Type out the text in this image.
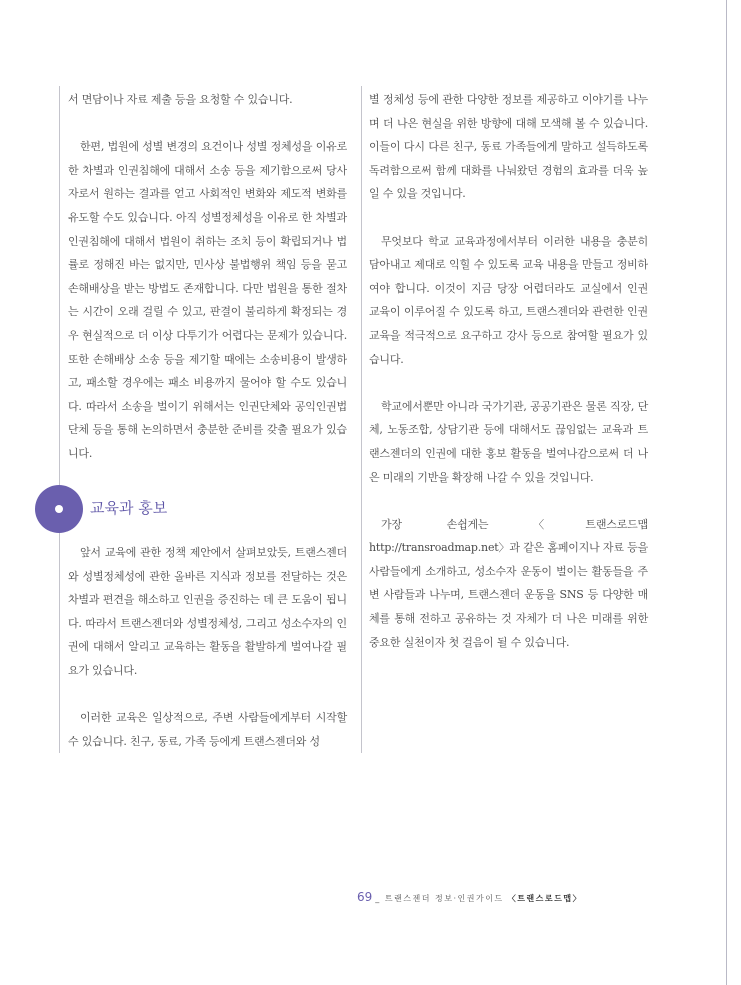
서 면담이나 자료 제출 등을 요청할 수 있습니다.

한편, 법원에 성별 변경의 요건이나 성별 정체성을 이유로 한 차별과 인권침해에 대해서 소송 등을 제기함으로써 당사자로서 원하는 결과를 얻고 사회적인 변화와 제도적 변화를 유도할 수도 있습니다. 아직 성별정체성을 이유로 한 차별과 인권침해에 대해서 법원이 취하는 조치 등이 확립되거나 법률로 정해진 바는 없지만, 민사상 불법행위 책임 등을 묻고 손해배상을 받는 방법도 존재합니다. 다만 법원을 통한 절차는 시간이 오래 걸릴 수 있고, 판결이 불리하게 확정되는 경우 현실적으로 더 이상 다투기가 어렵다는 문제가 있습니다. 또한 손해배상 소송 등을 제기할 때에는 소송비용이 발생하고, 패소할 경우에는 패소 비용까지 물어야 할 수도 있습니다. 따라서 소송을 벌이기 위해서는 인권단체와 공익인권법 단체 등을 통해 논의하면서 충분한 준비를 갖출 필요가 있습니다.

교육과 홍보

앞서 교육에 관한 정책 제안에서 살펴보았듯, 트랜스젠더와 성별정체성에 관한 올바른 지식과 정보를 전달하는 것은 차별과 편견을 해소하고 인권을 증진하는 데 큰 도움이 됩니다. 따라서 트랜스젠더와 성별정체성, 그리고 성소수자의 인권에 대해서 알리고 교육하는 활동을 활발하게 벌여나갈 필요가 있습니다.

이러한 교육은 일상적으로, 주변 사람들에게부터 시작할 수 있습니다. 친구, 동료, 가족 등에게 트랜스젠더와 성

별 정체성 등에 관한 다양한 정보를 제공하고 이야기를 나누며 더 나은 현실을 위한 방향에 대해 모색해 볼 수 있습니다. 이들이 다시 다른 친구, 동료 가족들에게 말하고 설득하도록 독려함으로써 함께 대화를 나눠왔던 경험의 효과를 더욱 높일 수 있을 것입니다.

무엇보다 학교 교육과정에서부터 이러한 내용을 충분히 담아내고 제대로 익힐 수 있도록 교육 내용을 만들고 정비하여야 합니다. 이것이 지금 당장 어렵더라도 교실에서 인권 교육이 이루어질 수 있도록 하고, 트랜스젠더와 관련한 인권 교육을 적극적으로 요구하고 강사 등으로 참여할 필요가 있습니다.

학교에서뿐만 아니라 국가기관, 공공기관은 물론 직장, 단체, 노동조합, 상담기관 등에 대해서도 끊임없는 교육과 트랜스젠더의 인권에 대한 홍보 활동을 벌여나감으로써 더 나은 미래의 기반을 확장해 나갈 수 있을 것입니다.

가장 손쉽게는 〈트랜스로드맵 http://transroadmap.net〉과 같은 홈페이지나 자료 등을 사람들에게 소개하고, 성소수자 운동이 벌이는 활동들을 주변 사람들과 나누며, 트랜스젠더 운동을 SNS 등 다양한 매체를 통해 전하고 공유하는 것 자체가 더 나은 미래를 위한 중요한 실천이자 첫 걸음이 될 수 있습니다.

69 _ 트랜스젠더 정보·인권가이드 〈트랜스로드맵〉
